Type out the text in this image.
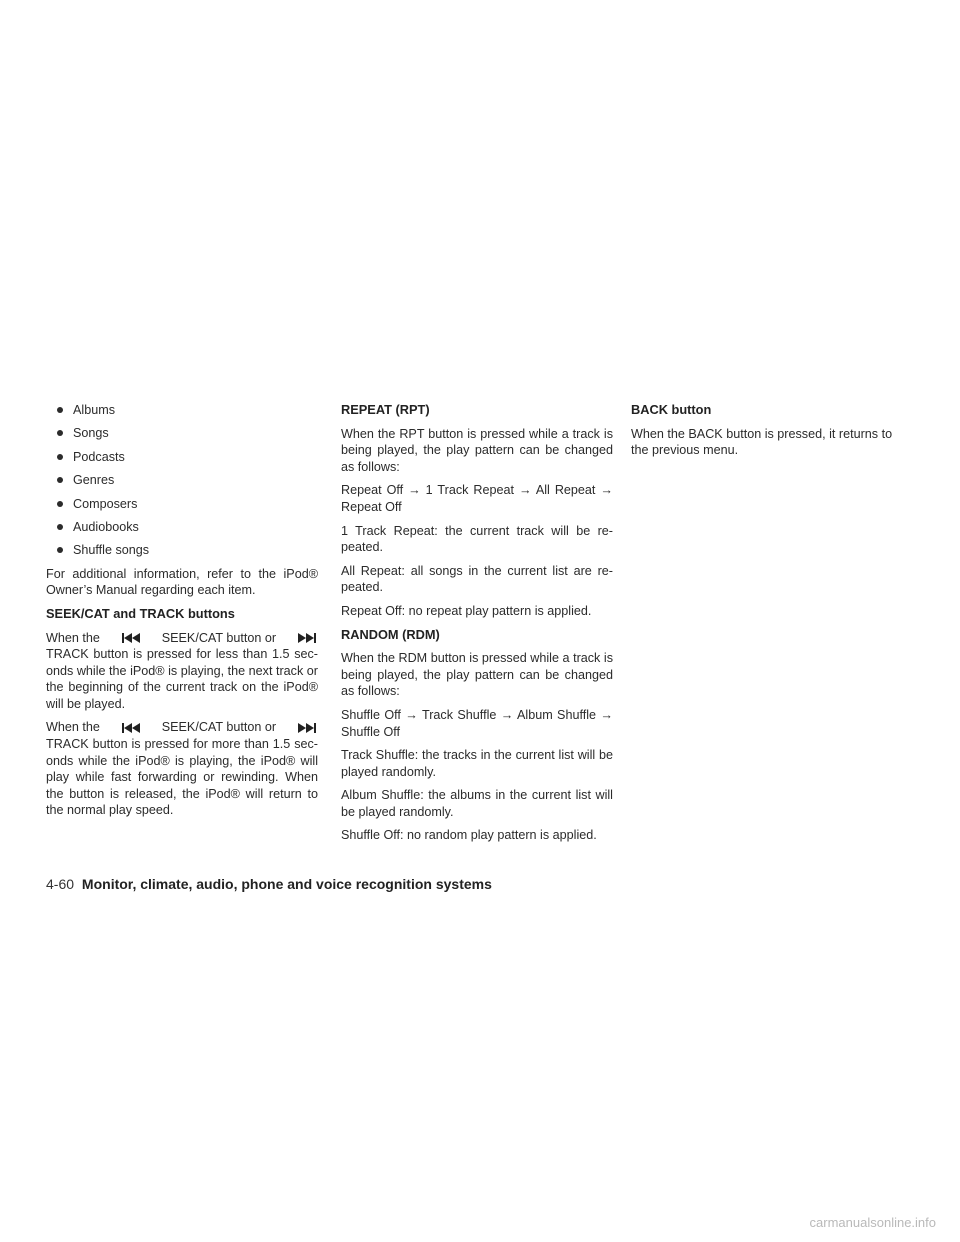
Albums
Songs
Podcasts
Genres
Composers
Audiobooks
Shuffle songs

For additional information, refer to the iPod® Owner’s Manual regarding each item.

SEEK/CAT and TRACK buttons
When the	SEEK/CAT button or

TRACK button is pressed for less than 1.5 sec-onds while the iPod® is playing, the next track or the beginning of the current track on the iPod® will be played.

When the	SEEK/CAT button or

TRACK button is pressed for more than 1.5 sec-onds while the iPod® is playing, the iPod® will play while fast forwarding or rewinding. When the button is released, the iPod® will return to the normal play speed.

REPEAT (RPT)

When the RPT button is pressed while a track is being played, the play pattern can be changed as follows:

Repeat Off → 1 Track Repeat → All Repeat → Repeat Off

1 Track Repeat: the current track will be re-peated.

All Repeat: all songs in the current list are re-peated.

Repeat Off: no repeat play pattern is applied.

RANDOM (RDM)

When the RDM button is pressed while a track is being played, the play pattern can be changed as follows:

Shuffle Off → Track Shuffle → Album Shuffle → Shuffle Off

Track Shuffle: the tracks in the current list will be played randomly.

Album Shuffle: the albums in the current list will be played randomly.

Shuffle Off: no random play pattern is applied.

BACK button

When the BACK button is pressed, it returns to the previous menu.

4-60 Monitor, climate, audio, phone and voice recognition systems
carmanualsonline.info
